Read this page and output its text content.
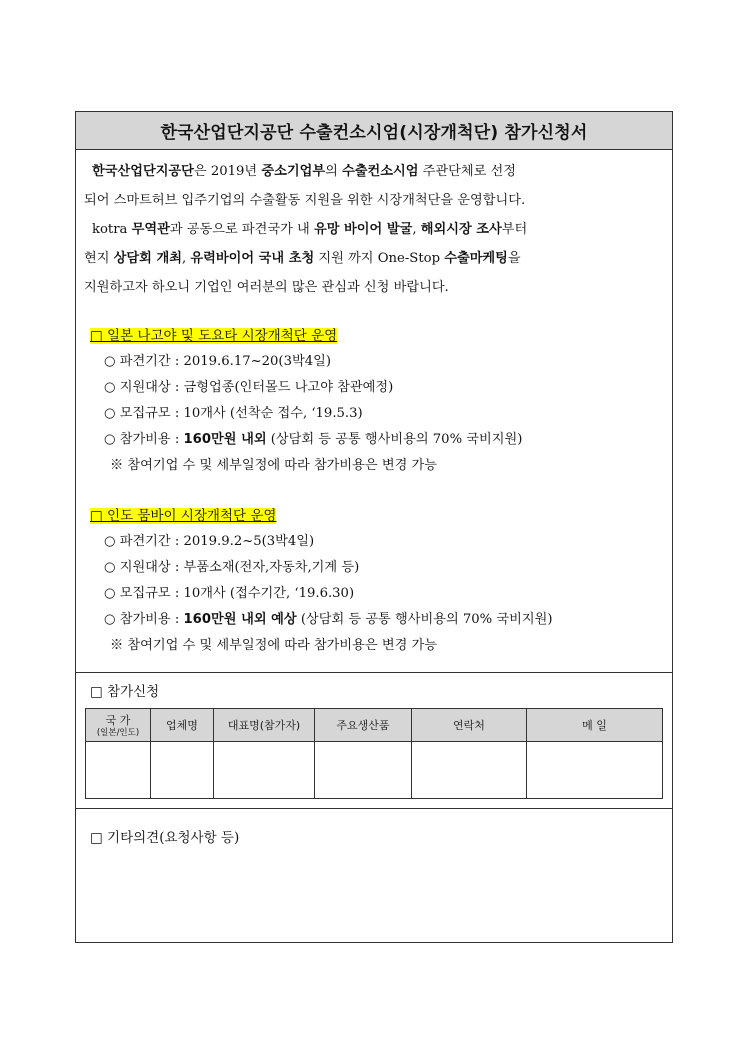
한국산업단지공단 수출컨소시엄(시장개척단) 참가신청서
한국산업단지공단은 2019년 중소기업부의 수출컨소시엄 주관단체로 선정
되어 스마트허브 입주기업의 수출활동 지원을 위한 시장개척단을 운영합니다.
kotra 무역관과 공동으로 파견국가 내 유망 바이어 발굴, 해외시장 조사부터
현지 상담회 개최, 유력바이어 국내 초청 지원 까지 One-Stop 수출마케팅을
지원하고자 하오니 기업인 여러분의 많은 관심과 신청 바랍니다.
□ 일본 나고야 및 도요타 시장개척단 운영
○ 파견기간 : 2019.6.17~20(3박4일)
○ 지원대상 : 금형업종(인터몰드 나고야 참관예정)
○ 모집규모 : 10개사 (선착순 접수, ‘19.5.3)
○ 참가비용 : 160만원 내외 (상담회 등 공통 행사비용의 70% 국비지원)
※ 참여기업 수 및 세부일정에 따라 참가비용은 변경 가능
□ 인도 뭄바이 시장개척단 운영
○ 파견기간 : 2019.9.2~5(3박4일)
○ 지원대상 : 부품소재(전자,자동차,기계 등)
○ 모집규모 : 10개사 (접수기간, ‘19.6.30)
○ 참가비용 : 160만원 내외 예상 (상담회 등 공통 행사비용의 70% 국비지원)
※ 참여기업 수 및 세부일정에 따라 참가비용은 변경 가능
□ 참가신청
국 가
(일본/인도)	업체명	대표명(참가자)	주요생산품	연락처	메 일

□ 기타의견(요청사항 등)
